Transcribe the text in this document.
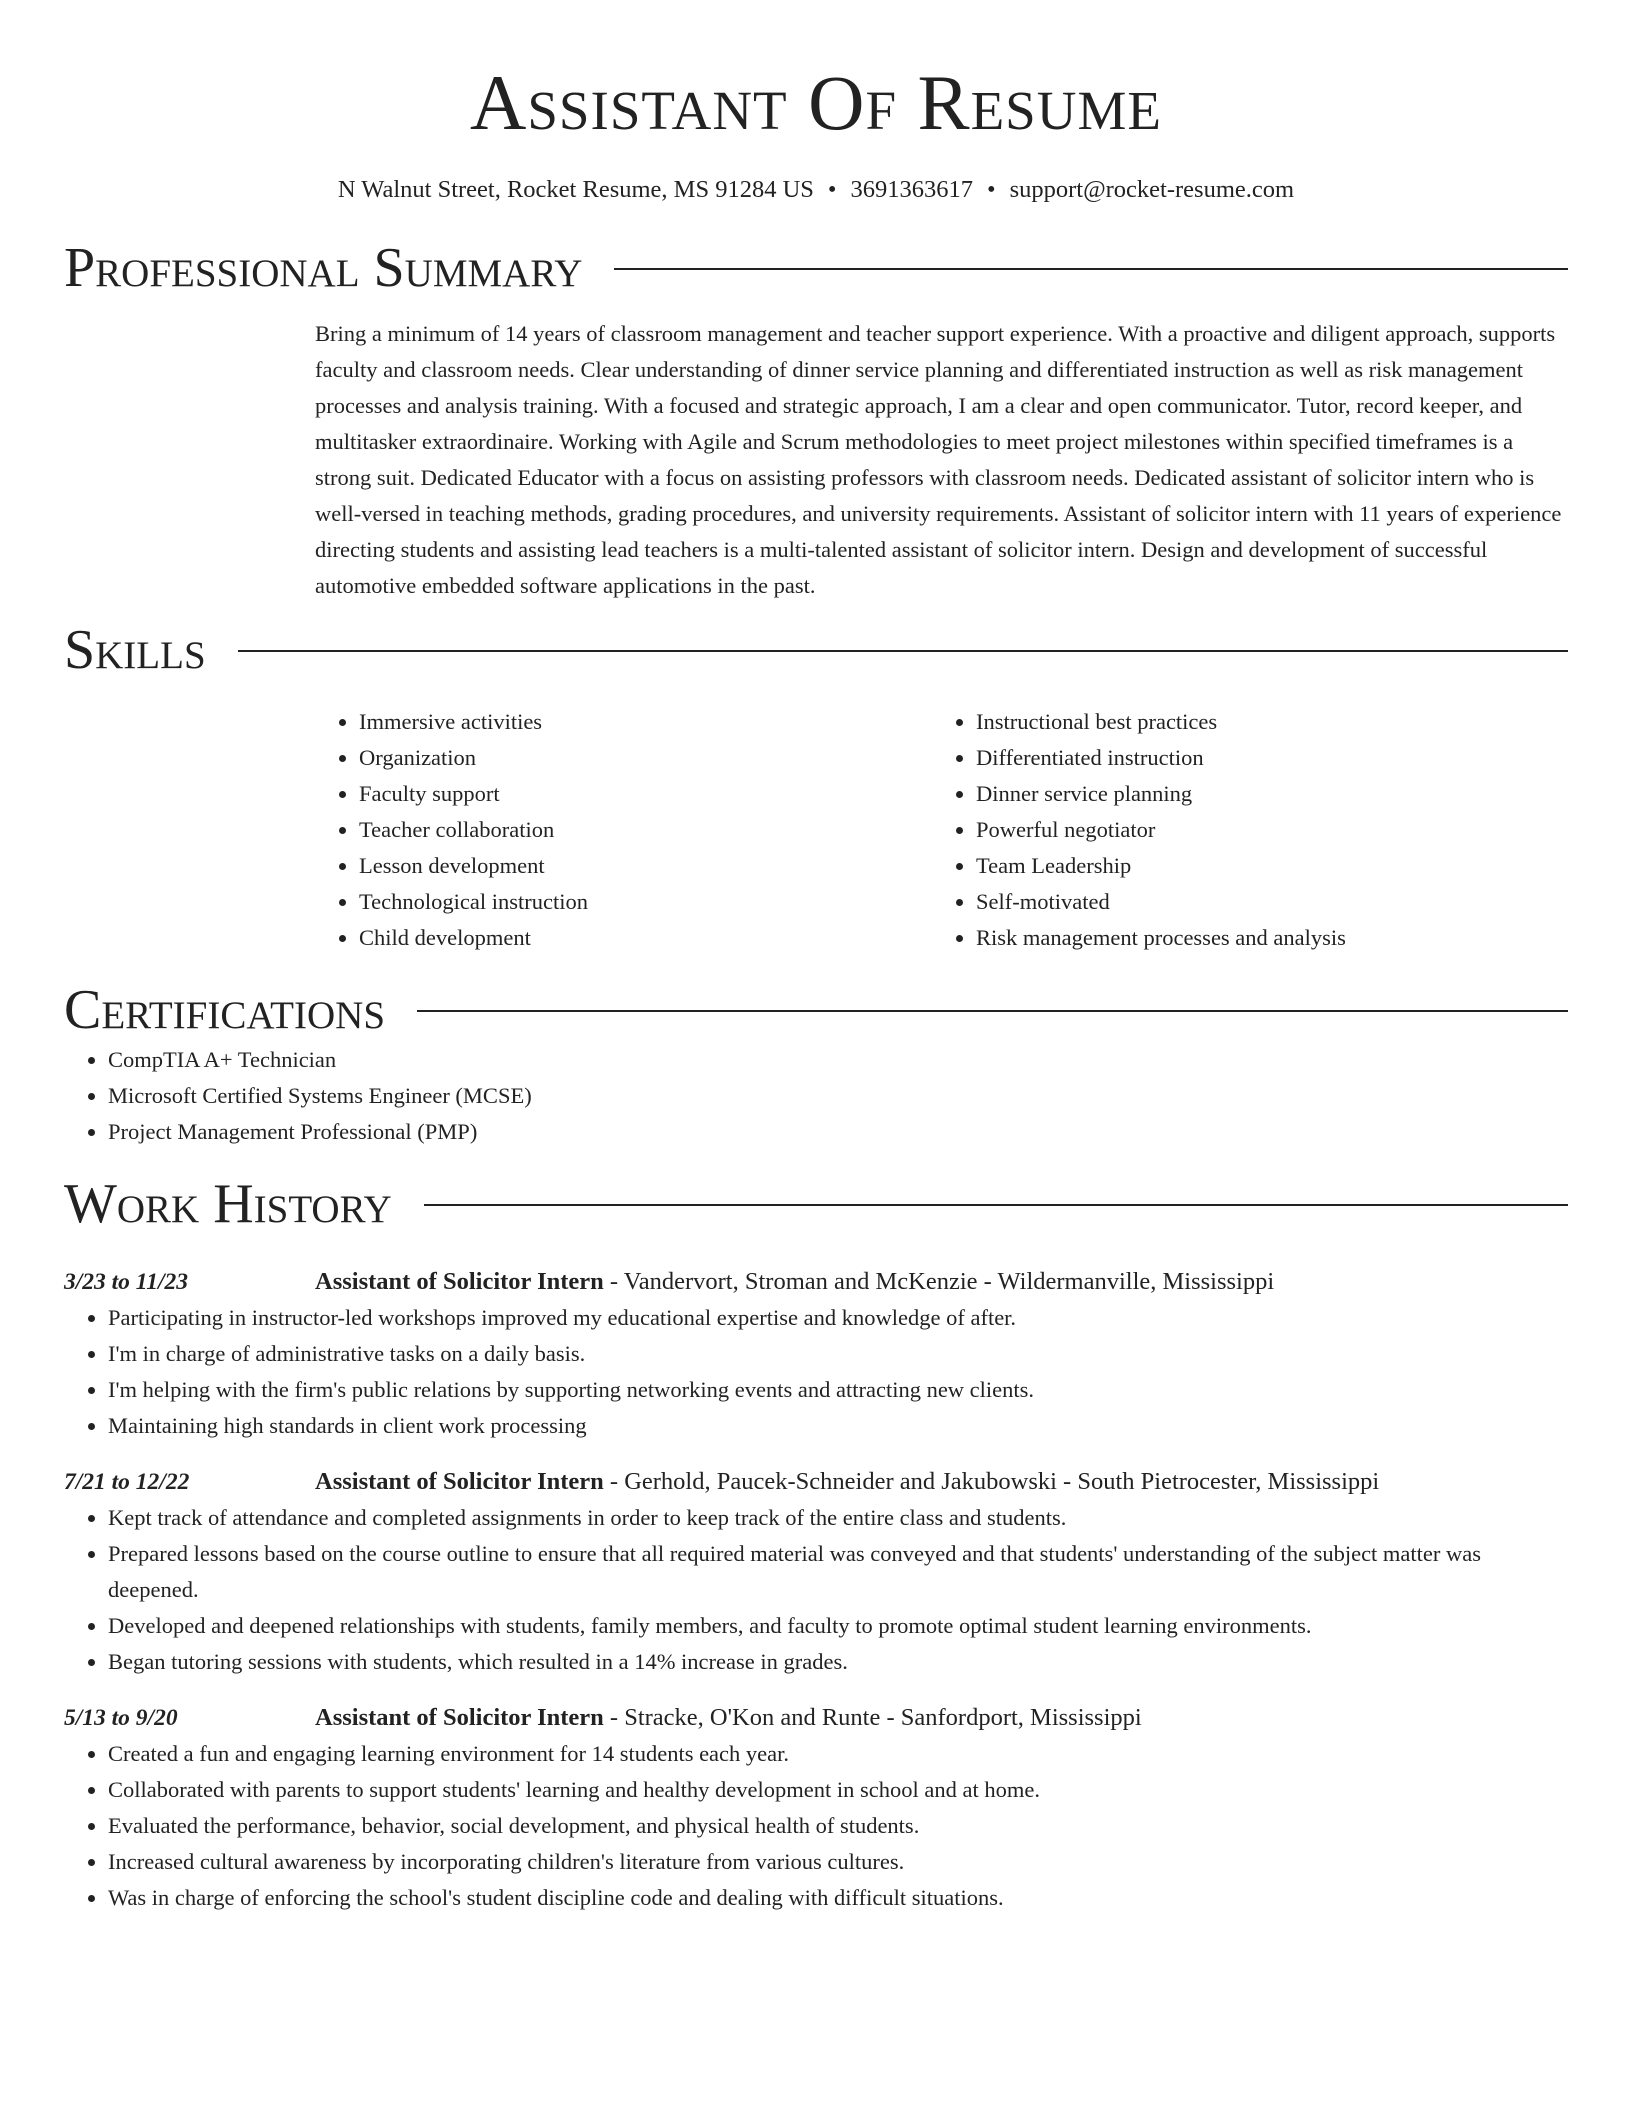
Assistant Of Resume
N Walnut Street, Rocket Resume, MS 91284 US • 3691363617 • support@rocket-resume.com
Professional Summary
Bring a minimum of 14 years of classroom management and teacher support experience. With a proactive and diligent approach, supports faculty and classroom needs. Clear understanding of dinner service planning and differentiated instruction as well as risk management processes and analysis training. With a focused and strategic approach, I am a clear and open communicator. Tutor, record keeper, and multitasker extraordinaire. Working with Agile and Scrum methodologies to meet project milestones within specified timeframes is a strong suit. Dedicated Educator with a focus on assisting professors with classroom needs. Dedicated assistant of solicitor intern who is well-versed in teaching methods, grading procedures, and university requirements. Assistant of solicitor intern with 11 years of experience directing students and assisting lead teachers is a multi-talented assistant of solicitor intern. Design and development of successful automotive embedded software applications in the past.
Skills
• Immersive activities
• Organization
• Faculty support
• Teacher collaboration
• Lesson development
• Technological instruction
• Child development
• Instructional best practices
• Differentiated instruction
• Dinner service planning
• Powerful negotiator
• Team Leadership
• Self-motivated
• Risk management processes and analysis
Certifications
• CompTIA A+ Technician
• Microsoft Certified Systems Engineer (MCSE)
• Project Management Professional (PMP)
Work History
3/23 to 11/23	Assistant of Solicitor Intern - Vandervort, Stroman and McKenzie - Wildermanville, Mississippi
• Participating in instructor-led workshops improved my educational expertise and knowledge of after.
• I'm in charge of administrative tasks on a daily basis.
• I'm helping with the firm's public relations by supporting networking events and attracting new clients.
• Maintaining high standards in client work processing
7/21 to 12/22	Assistant of Solicitor Intern - Gerhold, Paucek-Schneider and Jakubowski - South Pietrocester, Mississippi
• Kept track of attendance and completed assignments in order to keep track of the entire class and students.
• Prepared lessons based on the course outline to ensure that all required material was conveyed and that students' understanding of the subject matter was deepened.
• Developed and deepened relationships with students, family members, and faculty to promote optimal student learning environments.
• Began tutoring sessions with students, which resulted in a 14% increase in grades.
5/13 to 9/20	Assistant of Solicitor Intern - Stracke, O'Kon and Runte - Sanfordport, Mississippi
• Created a fun and engaging learning environment for 14 students each year.
• Collaborated with parents to support students' learning and healthy development in school and at home.
• Evaluated the performance, behavior, social development, and physical health of students.
• Increased cultural awareness by incorporating children's literature from various cultures.
• Was in charge of enforcing the school's student discipline code and dealing with difficult situations.
